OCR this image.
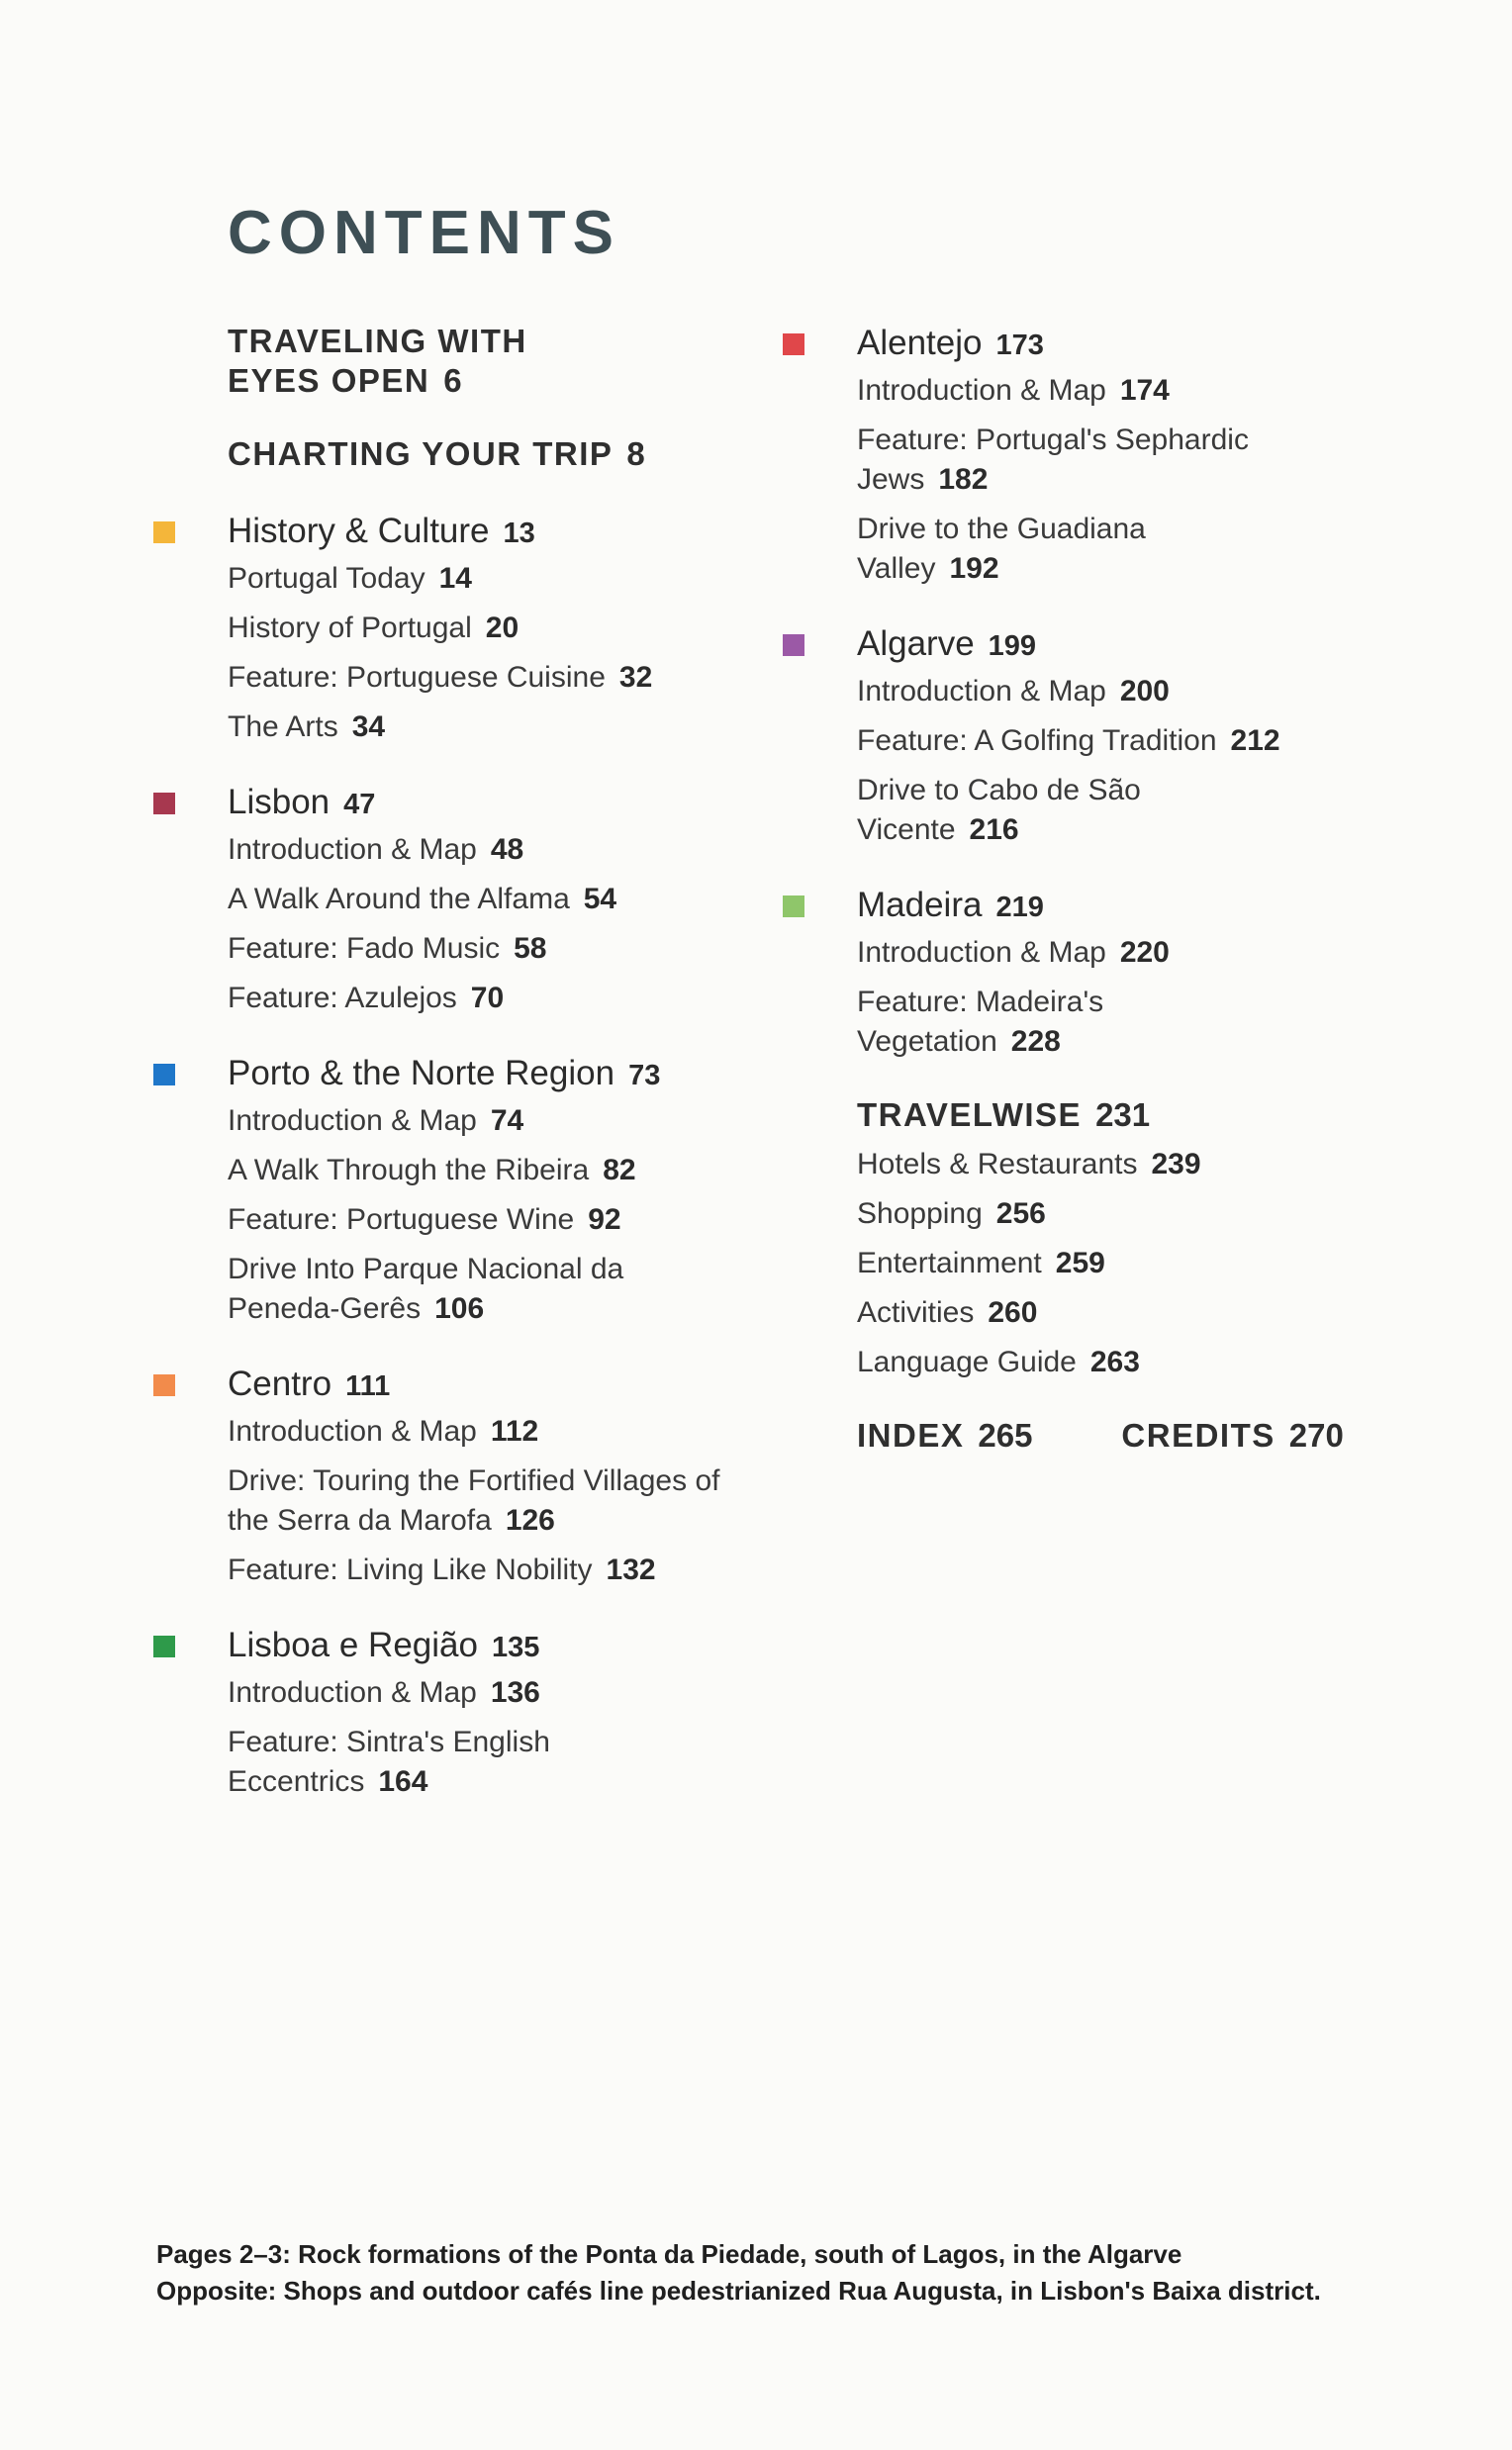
CONTENTS

TRAVELING WITH EYES OPEN 6

CHARTING YOUR TRIP 8

History & Culture 13

Portugal Today 14
History of Portugal 20
Feature: Portuguese Cuisine 32
The Arts 34

Lisbon 47

Introduction & Map 48
A Walk Around the Alfama 54
Feature: Fado Music 58
Feature: Azulejos 70

Porto & the Norte Region 73

Introduction & Map 74
A Walk Through the Ribeira 82
Feature: Portuguese Wine 92
Drive Into Parque Nacional da Peneda-Gerês 106

Centro 111

Introduction & Map 112
Drive: Touring the Fortified Villages of the Serra da Marofa 126
Feature: Living Like Nobility 132

Lisboa e Região 135

Introduction & Map 136
Feature: Sintra's English Eccentrics 164

Alentejo 173

Introduction & Map 174
Feature: Portugal's Sephardic Jews 182
Drive to the Guadiana Valley 192

Algarve 199

Introduction & Map 200
Feature: A Golfing Tradition 212
Drive to Cabo de São Vicente 216

Madeira 219

Introduction & Map 220
Feature: Madeira's Vegetation 228

TRAVELWISE 231

Hotels & Restaurants 239
Shopping 256
Entertainment 259
Activities 260
Language Guide 263

INDEX 265	CREDITS 270

Pages 2–3: Rock formations of the Ponta da Piedade, south of Lagos, in the Algarve
Opposite: Shops and outdoor cafés line pedestrianized Rua Augusta, in Lisbon's Baixa district.
